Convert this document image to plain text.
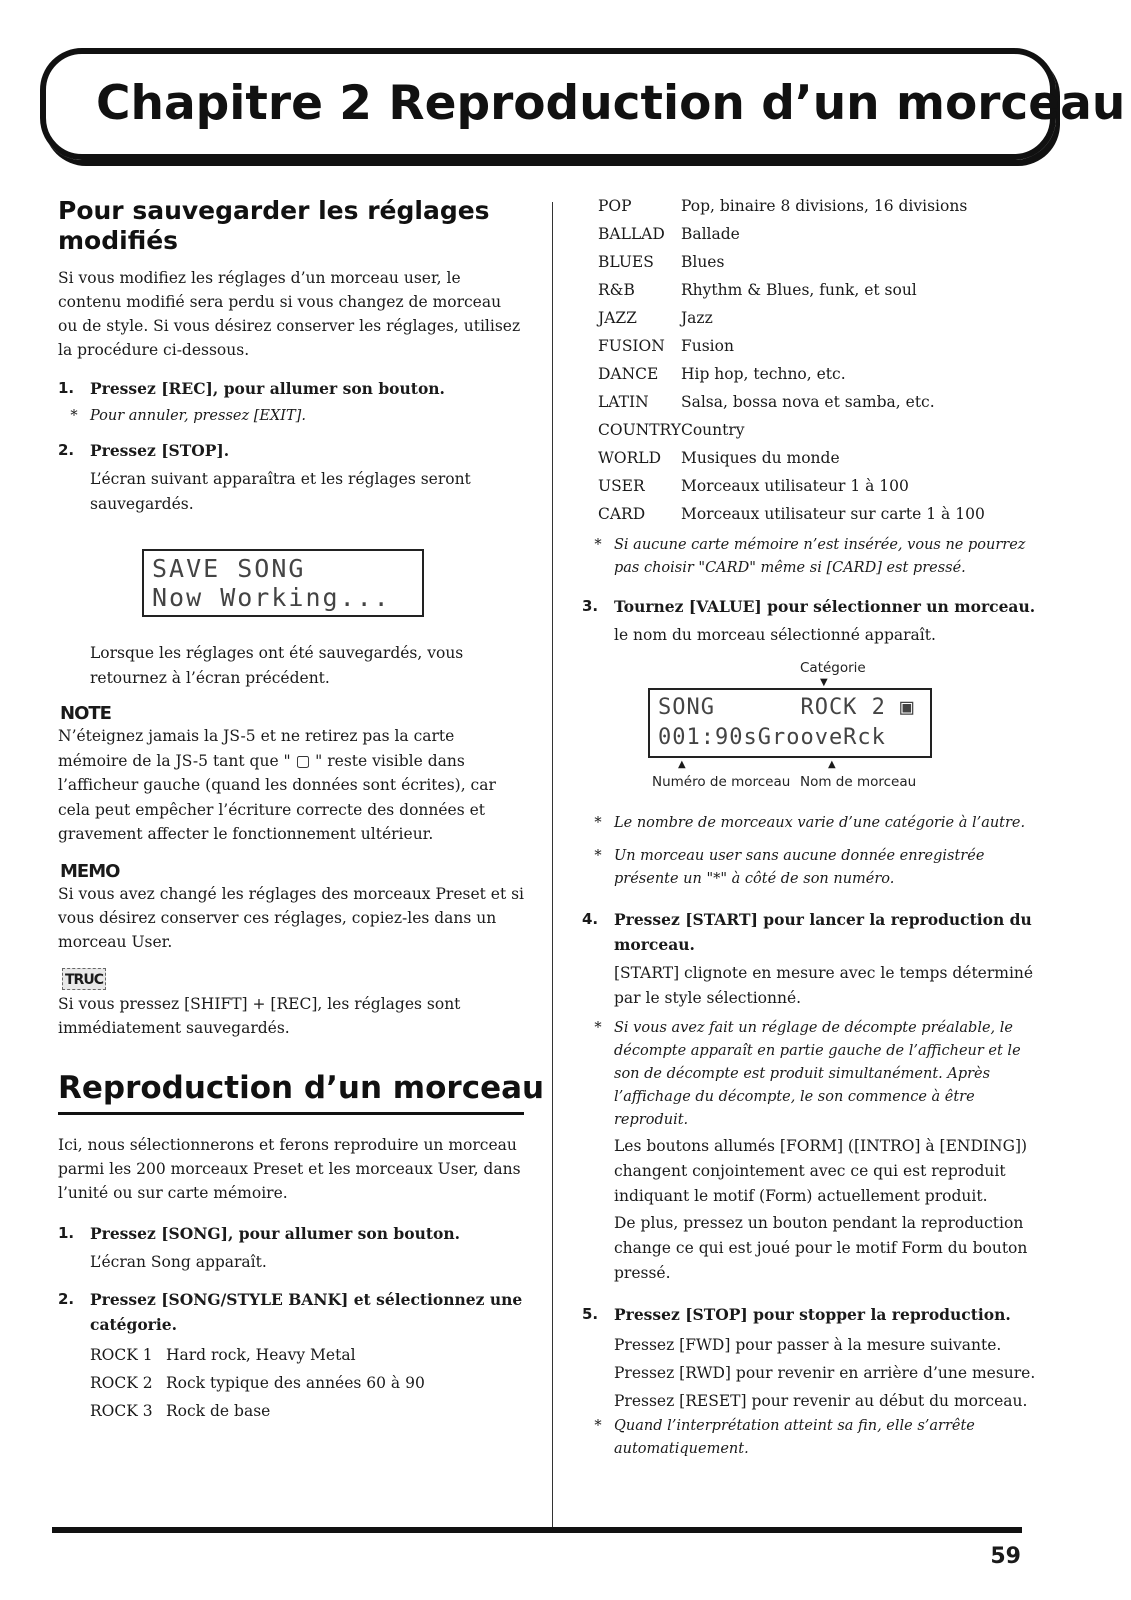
Chapitre 2 Reproduction d’un morceau
Pour sauvegarder les réglages modifiés

Si vous modifiez les réglages d’un morceau user, le contenu modifié sera perdu si vous changez de morceau ou de style. Si vous désirez conserver les réglages, utilisez la procédure ci-dessous.

1.	Pressez [REC], pour allumer son bouton.
* Pour annuler, pressez [EXIT].
2.	Pressez [STOP].
L’écran suivant apparaîtra et les réglages seront sauvegardés.
SAVE SONG
Now Working...
Lorsque les réglages ont été sauvegardés, vous retournez à l’écran précédent.
NOTE

N’éteignez jamais la JS-5 et ne retirez pas la carte mémoire de la JS-5 tant que " ▢ " reste visible dans l’afficheur gauche (quand les données sont écrites), car cela peut empêcher l’écriture correcte des données et gravement affecter le fonctionnement ultérieur.

MEMO

Si vous avez changé les réglages des morceaux Preset et si vous désirez conserver ces réglages, copiez-les dans un morceau User.

TRUC

Si vous pressez [SHIFT] + [REC], les réglages sont immédiatement sauvegardés.

Reproduction d’un morceau

Ici, nous sélectionnerons et ferons reproduire un morceau parmi les 200 morceaux Preset et les morceaux User, dans l’unité ou sur carte mémoire.

1.	Pressez [SONG], pour allumer son bouton.
L’écran Song apparaît.
2.	Pressez [SONG/STYLE BANK] et sélectionnez une catégorie.
ROCK 1	Hard rock, Heavy Metal
ROCK 2	Rock typique des années 60 à 90
ROCK 3	Rock de base
POP	Pop, binaire 8 divisions, 16 divisions
BALLAD	Ballade
BLUES	Blues
R&B	Rhythm & Blues, funk, et soul
JAZZ	Jazz
FUSION	Fusion
DANCE	Hip hop, techno, etc.
LATIN	Salsa, bossa nova et samba, etc.
COUNTRY	Country
WORLD	Musiques du monde
USER	Morceaux utilisateur 1 à 100
CARD	Morceaux utilisateur sur carte 1 à 100
* Si aucune carte mémoire n’est insérée, vous ne pourrez pas choisir "CARD" même si [CARD] est pressé.
3.	Tournez [VALUE] pour sélectionner un morceau.
le nom du morceau sélectionné apparaît.
Catégorie
▼
SONG      ROCK 2 ▣
001:90sGrooveRck
▲	▲
Numéro de morceau Nom de morceau
* Le nombre de morceaux varie d’une catégorie à l’autre.
* Un morceau user sans aucune donnée enregistrée présente un "*" à côté de son numéro.
4.	Pressez [START] pour lancer la reproduction du morceau.
[START] clignote en mesure avec le temps déterminé par le style sélectionné.
* Si vous avez fait un réglage de décompte préalable, le décompte apparaît en partie gauche de l’afficheur et le son de décompte est produit simultanément. Après l’affichage du décompte, le son commence à être reproduit.
Les boutons allumés [FORM] ([INTRO] à [ENDING]) changent conjointement avec ce qui est reproduit indiquant le motif (Form) actuellement produit.
De plus, pressez un bouton pendant la reproduction change ce qui est joué pour le motif Form du bouton pressé.
5.	Pressez [STOP] pour stopper la reproduction.
Pressez [FWD] pour passer à la mesure suivante.
Pressez [RWD] pour revenir en arrière d’une mesure.
Pressez [RESET] pour revenir au début du morceau.
* Quand l’interprétation atteint sa fin, elle s’arrête automatiquement.
59
